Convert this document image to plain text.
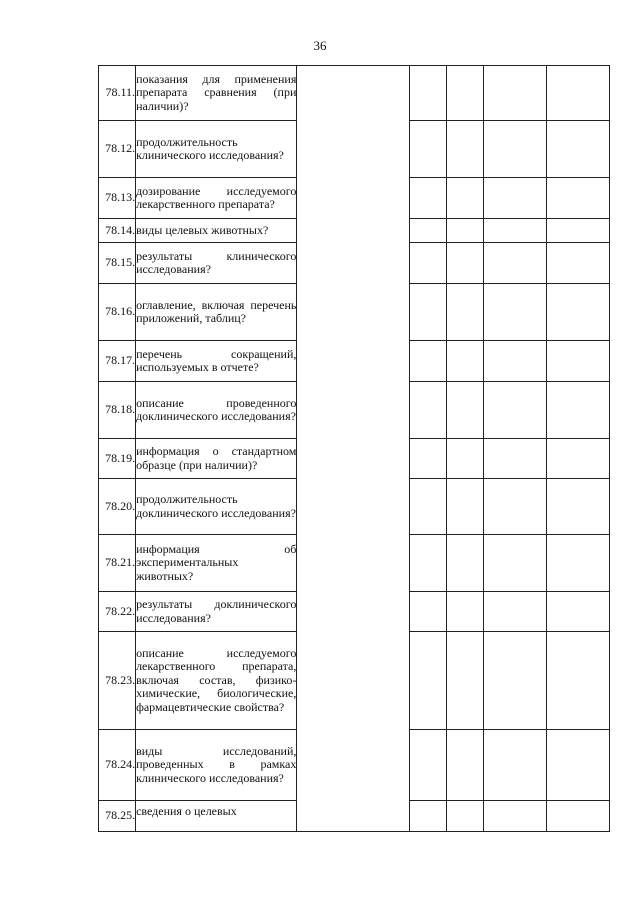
36
78.11.	показания для применения препарата сравнения (при наличии)?					
78.12.	продолжительность клинического исследования?					
78.13.	дозирование исследуемого лекарственного препарата?					
78.14.	виды целевых животных?					
78.15.	результаты клинического исследования?					
78.16.	оглавление, включая перечень приложений, таблиц?					
78.17.	перечень сокращений, используемых в отчете?					
78.18.	описание проведенного доклинического исследования?					
78.19.	информация о стандартном образце (при наличии)?					
78.20.	продолжительность доклинического исследования?					
78.21.	информация об экспериментальных животных?					
78.22.	результаты доклинического исследования?					
78.23.	описание исследуемого лекарственного препарата, включая состав, физико-химические, биологические, фармацевтические свойства?					
78.24.	виды исследований, проведенных в рамках клинического исследования?					
78.25.	сведения о целевых					
